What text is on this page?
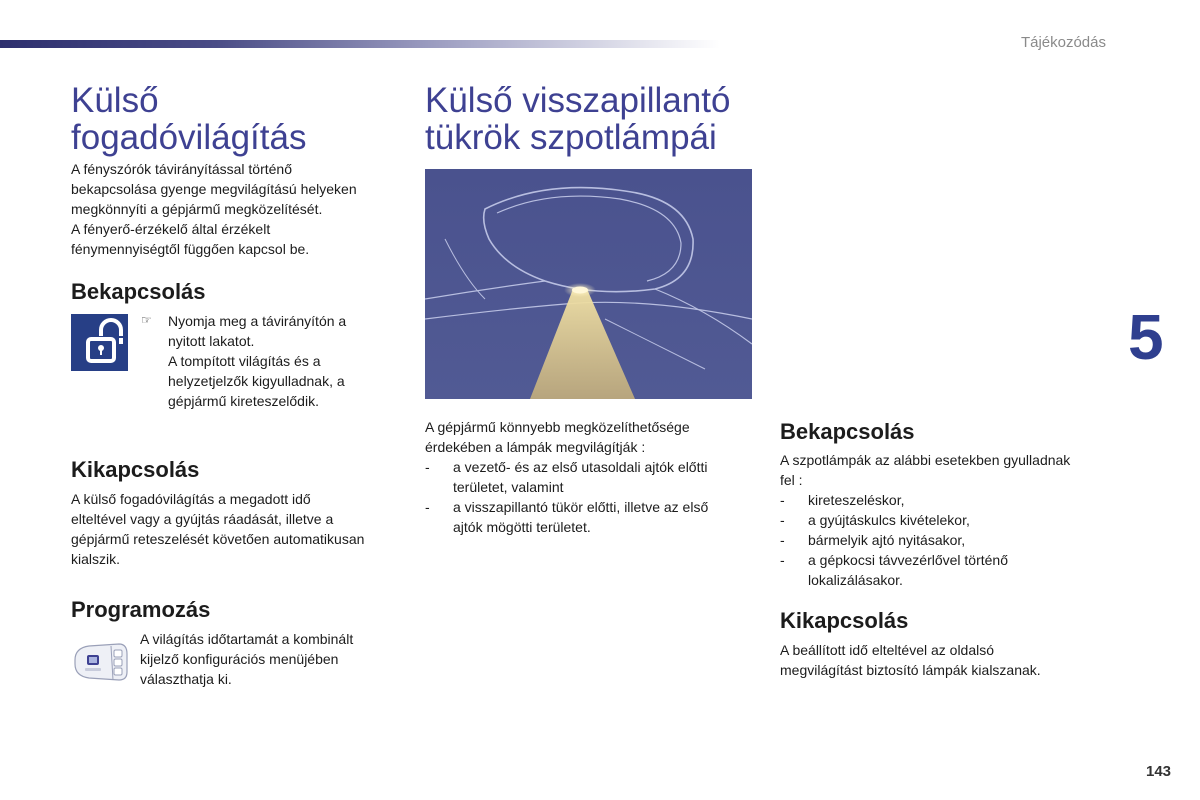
Tájékozódás
5
143
Külső
fogadóvilágítás

A fényszórók távirányítással történő
bekapcsolása gyenge megvilágítású helyeken
megkönnyíti a gépjármű megközelítését.
A fényerő-érzékelő által érzékelt
fénymennyiségtől függően kapcsol be.

Bekapcsolás
☞ Nyomja meg a távirányítón a
nyitott lakatot.
A tompított világítás és a
helyzetjelzők kigyulladnak, a
gépjármű kireteszelődik.

Kikapcsolás

A külső fogadóvilágítás a megadott idő
elteltével vagy a gyújtás ráadását, illetve a
gépjármű reteszelését követően automatikusan
kialszik.

Programozás

A világítás időtartamát a kombinált
kijelző konfigurációs menüjében
választhatja ki.

Külső visszapillantó
tükrök szpotlámpái

A gépjármű könnyebb megközelíthetősége
érdekében a lámpák megvilágítják :

- a vezető- és az első utasoldali ajtók előtti
területet, valamint
- a visszapillantó tükör előtti, illetve az első
ajtók mögötti területet.
Bekapcsolás

A szpotlámpák az alábbi esetekben gyulladnak
fel :

- kireteszeléskor,
- a gyújtáskulcs kivételekor,
- bármelyik ajtó nyitásakor,
- a gépkocsi távvezérlővel történő
lokalizálásakor.
Kikapcsolás

A beállított idő elteltével az oldalsó
megvilágítást biztosító lámpák kialszanak.
